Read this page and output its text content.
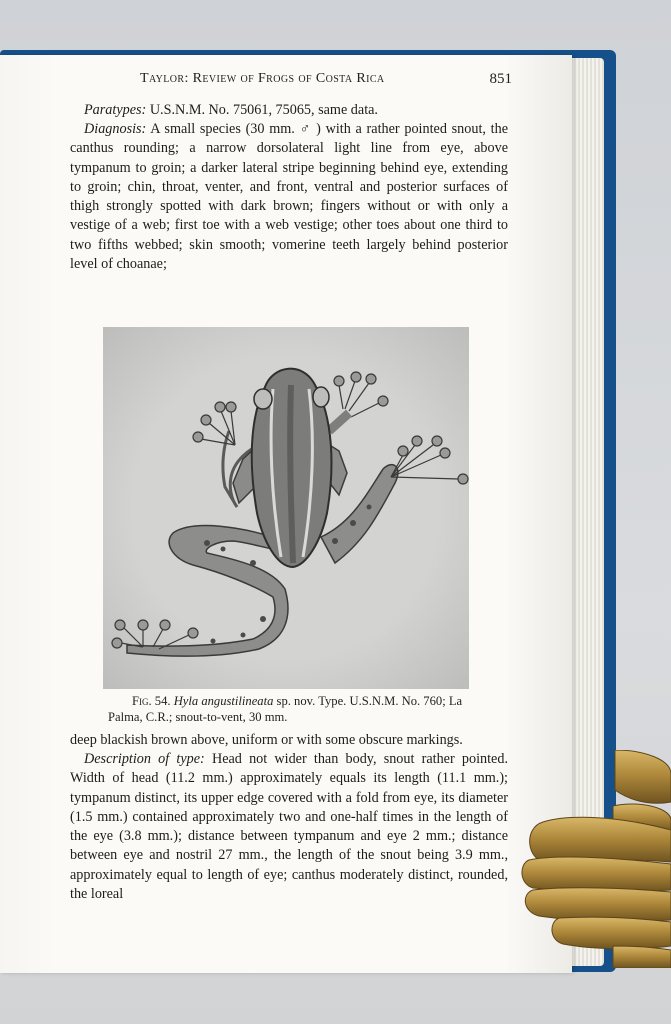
Taylor: Review of Frogs of Costa Rica	851

Paratypes: U.S.N.M. No. 75061, 75065, same data.

Diagnosis: A small species (30 mm. ♂ ) with a rather pointed snout, the canthus rounding; a narrow dorsolateral light line from eye, above tympanum to groin; a darker lateral stripe beginning behind eye, extending to groin; chin, throat, venter, and front, ventral and posterior surfaces of thigh strongly spotted with dark brown; fingers without or with only a vestige of a web; first toe with a web vestige; other toes about one third to two fifths webbed; skin smooth; vomerine teeth largely behind posterior level of choanae;

Fig. 54. Hyla angustilineata sp. nov. Type. U.S.N.M. No. 760; La Palma, C.R.; snout-to-vent, 30 mm.

deep blackish brown above, uniform or with some obscure markings.

Description of type: Head not wider than body, snout rather pointed. Width of head (11.2 mm.) approximately equals its length (11.1 mm.); tympanum distinct, its upper edge covered with a fold from eye, its diameter (1.5 mm.) contained approximately two and one-half times in the length of the eye (3.8 mm.); distance between tympanum and eye 2 mm.; distance between eye and nostril 27 mm., the length of the snout being 3.9 mm., approximately equal to length of eye; canthus moderately distinct, rounded, the loreal
